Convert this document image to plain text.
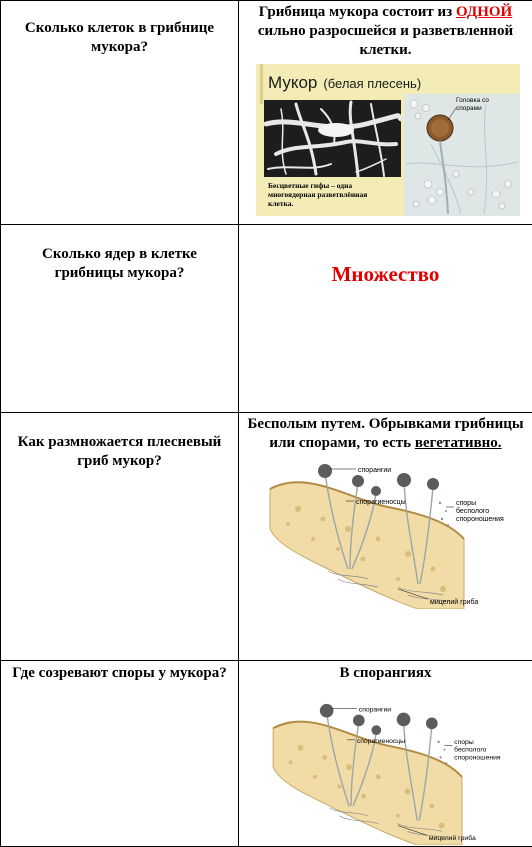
Сколько клеток в грибнице мукора?	Грибница мукора состоит из ОДНОЙ сильно разросшейся и разветвленной клетки.
Мукор (белая плесень)
Головка со спорами
Бесцветные гифы – одна многоядерная разветвлённая клетка.

Сколько ядер в клетке грибницы мукора?	Множество

Как размножается плесневый гриб мукор?	Бесполым путем. Обрывками грибницы или спорами, то есть вегетативно.
спорангии
спорагиеносцы споры бесполого спороношения
мицелий гриба

Где созревают споры у мукора?	В спорангиях
спорангии
спорагиеносцы споры бесполого спороношения
мицелий гриба
